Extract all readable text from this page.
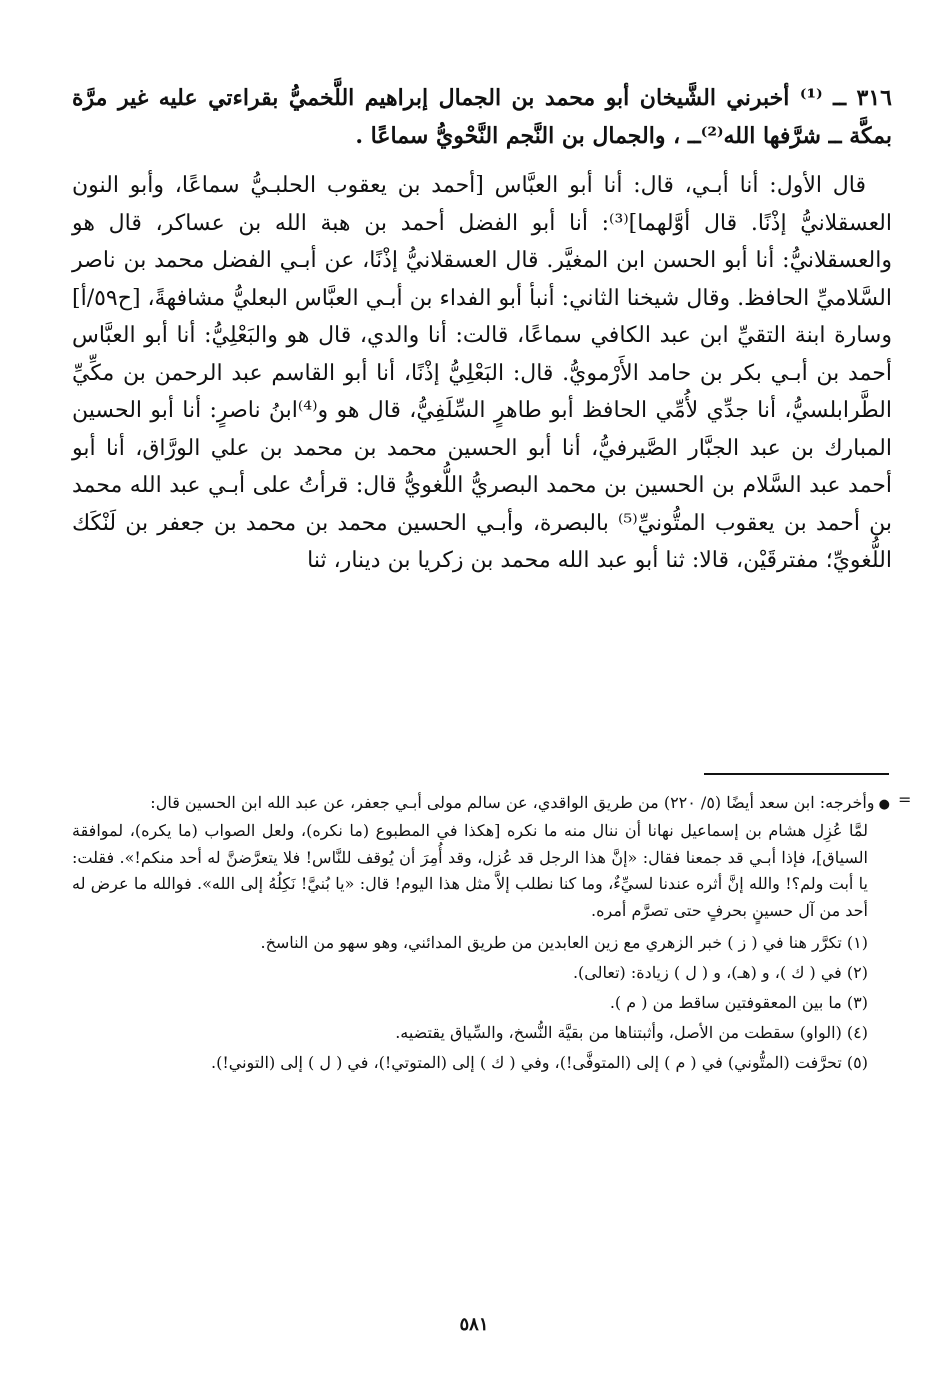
٣١٦ ــ ⁽¹⁾ أخبرني الشَّيخان أبو محمد بن الجمال إبراهيم اللَّخميُّ بقراءتي عليه غير مرَّة بمكَّة ــ شرَّفها الله⁽²⁾ــ ، والجمال بن النَّجم النَّحْويُّ سماعًا .

قال الأول: أنا أبـي، قال: أنا أبو العبَّاس [أحمد بن يعقوب الحلبـيُّ سماعًا، وأبو النون العسقلانيُّ إذْنًا. قال أوَّلهما]⁽³⁾: أنا أبو الفضل أحمد بن هبة الله بن عساكر، قال هو والعسقلانيُّ: أنا أبو الحسن ابن المغيَّر. قال العسقلانيُّ إذْنًا، عن أبـي الفضل محمد بن ناصر السَّلاميِّ الحافظ. وقال شيخنا الثاني: أنبأ أبو الفداء بن أبـي العبَّاس البعليُّ مشافهةً، [ح٥٩/أ] وسارة ابنة التقيِّ ابن عبد الكافي سماعًا، قالت: أنا والدي، قال هو والبَعْلِيُّ: أنا أبو العبَّاس أحمد بن أبـي بكر بن حامد الأَرْمويُّ. قال: البَعْلِيُّ إذْنًا، أنا أبو القاسم عبد الرحمن بن مكِّيِّ الطَّرابلسيُّ، أنا جدِّي لأُمِّي الحافظ أبو طاهرٍ السِّلَفِيُّ، قال هو و⁽⁴⁾ابنُ ناصرٍ: أنا أبو الحسين المبارك بن عبد الجبَّار الصَّيرفيُّ، أنا أبو الحسين محمد بن محمد بن علي الورَّاق، أنا أبو أحمد عبد السَّلام بن الحسين بن محمد البصريُّ اللُّغويُّ قال: قرأتُ على أبـي عبد الله محمد بن أحمد بن يعقوب المتُّونيِّ⁽⁵⁾ بالبصرة، وأبـي الحسين محمد بن محمد بن جعفر بن لَنْكَك اللُّغويِّ؛ مفترقَيْن، قالا: ثنا أبو عبد الله محمد بن زكريا بن دينار، ثنا

=

● وأخرجه: ابن سعد أيضًا (٥/ ٢٢٠) من طريق الواقدي، عن سالم مولى أبـي جعفر، عن عبد الله ابن الحسين قال:

لمَّا عُزِل هشام بن إسماعيل نهانا أن ننال منه ما نكره [هكذا في المطبوع (ما نكره)، ولعل الصواب (ما يكره)، لموافقة السياق]، فإذا أبـي قد جمعنا فقال: «إنَّ هذا الرجل قد عُزل، وقد أُمِرَ أن يُوقف للنَّاس! فلا يتعرَّضنَّ له أحد منكم!». فقلت: يا أبت ولم؟! والله إنَّ أثره عندنا لسيِّءٌ، وما كنا نطلب إلاَّ مثل هذا اليوم! قال: «يا بُنيَّ! نَكِلُهُ إلى الله». فوالله ما عرض له أحد من آل حسينٍ بحرفٍ حتى تصرَّم أمره.

(١) تكرَّر هنا في ( ز ) خبر الزهري مع زين العابدين من طريق المدائني، وهو سهو من الناسخ.

(٢) في ( ك )، و (هـ)، و ( ل ) زيادة: (تعالى).

(٣) ما بين المعقوفتين ساقط من ( م ).

(٤) (الواو) سقطت من الأصل، وأثبتناها من بقيَّة النُّسخ، والسِّياق يقتضيه.

(٥) تحرَّفت (المتُّوني) في ( م ) إلى (المتوفَّى!)، وفي ( ك ) إلى (المتوتي!)، في ( ل ) إلى (التوني!).

٥٨١
